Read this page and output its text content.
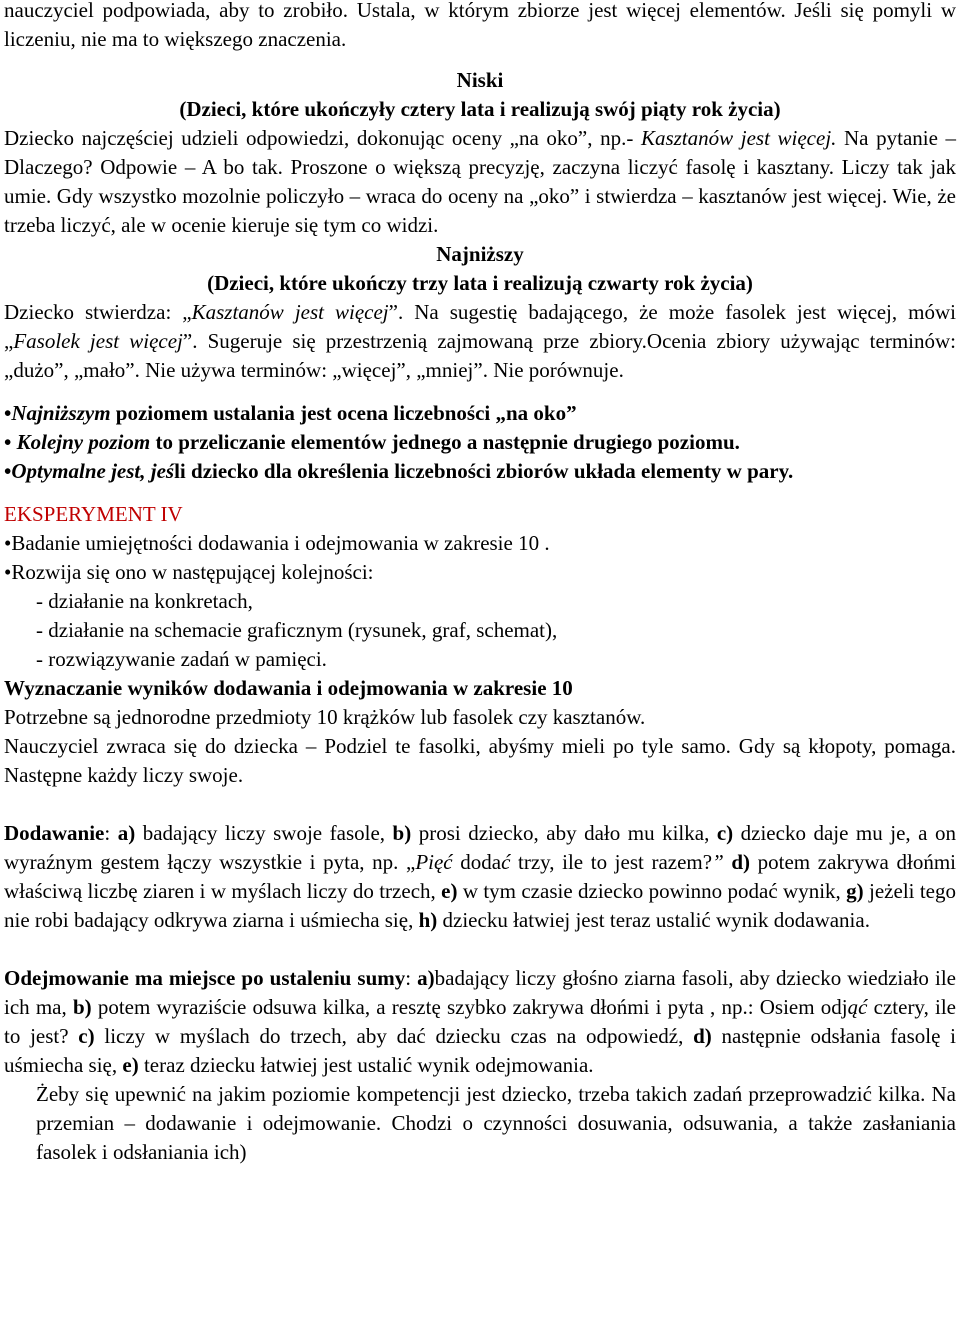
nauczyciel podpowiada, aby to zrobiło. Ustala, w którym zbiorze jest więcej elementów. Jeśli się pomyli w liczeniu, nie ma to większego znaczenia.

Niski

(Dzieci, które ukończyły cztery lata i realizują swój piąty rok życia)

Dziecko najczęściej udzieli odpowiedzi, dokonując oceny „na oko”, np.- Kasztanów jest więcej. Na pytanie – Dlaczego? Odpowie – A bo tak. Proszone o większą precyzję, zaczyna liczyć fasolę i kasztany. Liczy tak jak umie. Gdy wszystko mozolnie policzyło – wraca do oceny na „oko” i stwierdza – kasztanów jest więcej. Wie, że trzeba liczyć, ale w ocenie kieruje się tym co widzi.

Najniższy

(Dzieci, które ukończy trzy lata i realizują czwarty rok życia)

Dziecko stwierdza: „Kasztanów jest więcej”. Na sugestię badającego, że może fasolek jest więcej, mówi „Fasolek jest więcej”. Sugeruje się przestrzenią zajmowaną prze zbiory.Ocenia zbiory używając terminów: „dużo”, „mało”. Nie używa terminów: „więcej”, „mniej”. Nie porównuje.

•Najniższym poziomem ustalania jest ocena liczebności „na oko”

• Kolejny poziom to przeliczanie elementów jednego a następnie drugiego poziomu.

•Optymalne jest, jeśli dziecko dla określenia liczebności zbiorów układa elementy w pary.

EKSPERYMENT IV

•Badanie umiejętności dodawania i odejmowania w zakresie 10 .

•Rozwija się ono w następującej kolejności:

- działanie na konkretach,

- działanie na schemacie graficznym (rysunek, graf, schemat),

- rozwiązywanie zadań w pamięci.

Wyznaczanie wyników dodawania i odejmowania w zakresie 10

Potrzebne są jednorodne przedmioty 10 krążków lub fasolek czy kasztanów.

Nauczyciel zwraca się do dziecka – Podziel te fasolki, abyśmy mieli po tyle samo. Gdy są kłopoty, pomaga. Następne każdy liczy swoje.

Dodawanie: a) badający liczy swoje fasole, b) prosi dziecko, aby dało mu kilka, c) dziecko daje mu je, a on wyraźnym gestem łączy wszystkie i pyta, np. „Pięć dodać trzy, ile to jest razem?” d) potem zakrywa dłońmi właściwą liczbę ziaren i w myślach liczy do trzech, e) w tym czasie dziecko powinno podać wynik, g) jeżeli tego nie robi badający odkrywa ziarna i uśmiecha się, h) dziecku łatwiej jest teraz ustalić wynik dodawania.

Odejmowanie ma miejsce po ustaleniu sumy: a)badający liczy głośno ziarna fasoli, aby dziecko wiedziało ile ich ma, b) potem wyraziście odsuwa kilka, a resztę szybko zakrywa dłońmi i pyta , np.: Osiem odjąć cztery, ile to jest? c) liczy w myślach do trzech, aby dać dziecku czas na odpowiedź, d) następnie odsłania fasolę i uśmiecha się, e) teraz dziecku łatwiej jest ustalić wynik odejmowania.

Żeby się upewnić na jakim poziomie kompetencji jest dziecko, trzeba takich zadań przeprowadzić kilka. Na przemian – dodawanie i odejmowanie. Chodzi o czynności dosuwania, odsuwania, a także zasłaniania fasolek i odsłaniania ich)
